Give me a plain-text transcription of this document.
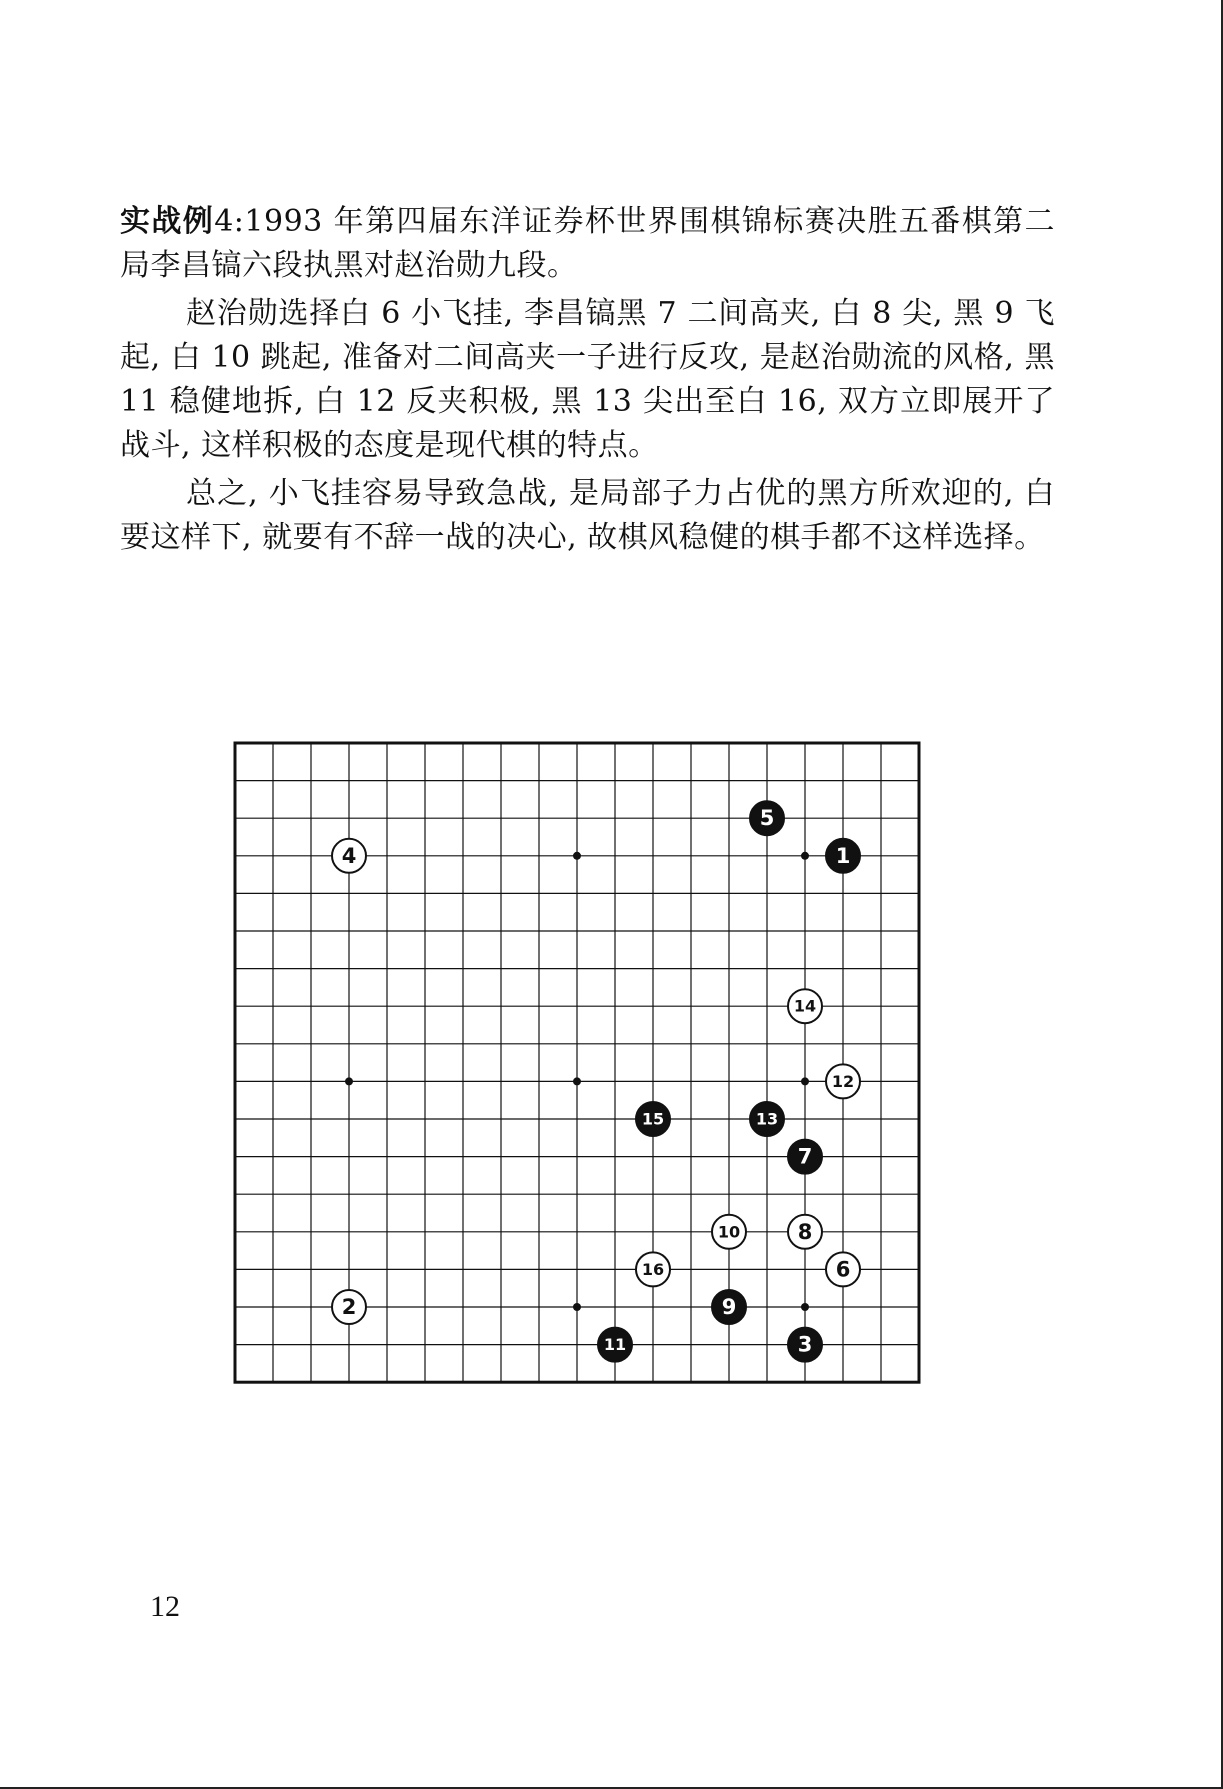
实战例4:1993 年第四届东洋证券杯世界围棋锦标赛决胜五番棋第二局李昌镐六段执黑对赵治勋九段。

赵治勋选择白 6 小飞挂, 李昌镐黑 7 二间高夹, 白 8 尖, 黑 9 飞起, 白 10 跳起, 准备对二间高夹一子进行反攻, 是赵治勋流的风格, 黑 11 稳健地拆, 白 12 反夹积极, 黑 13 尖出至白 16, 双方立即展开了战斗, 这样积极的态度是现代棋的特点。

总之, 小飞挂容易导致急战, 是局部子力占优的黑方所欢迎的, 白要这样下, 就要有不辞一战的决心, 故棋风稳健的棋手都不这样选择。

1
2
3
4
5
6
7
8
9
10
11
12
13
14
15
16
12
